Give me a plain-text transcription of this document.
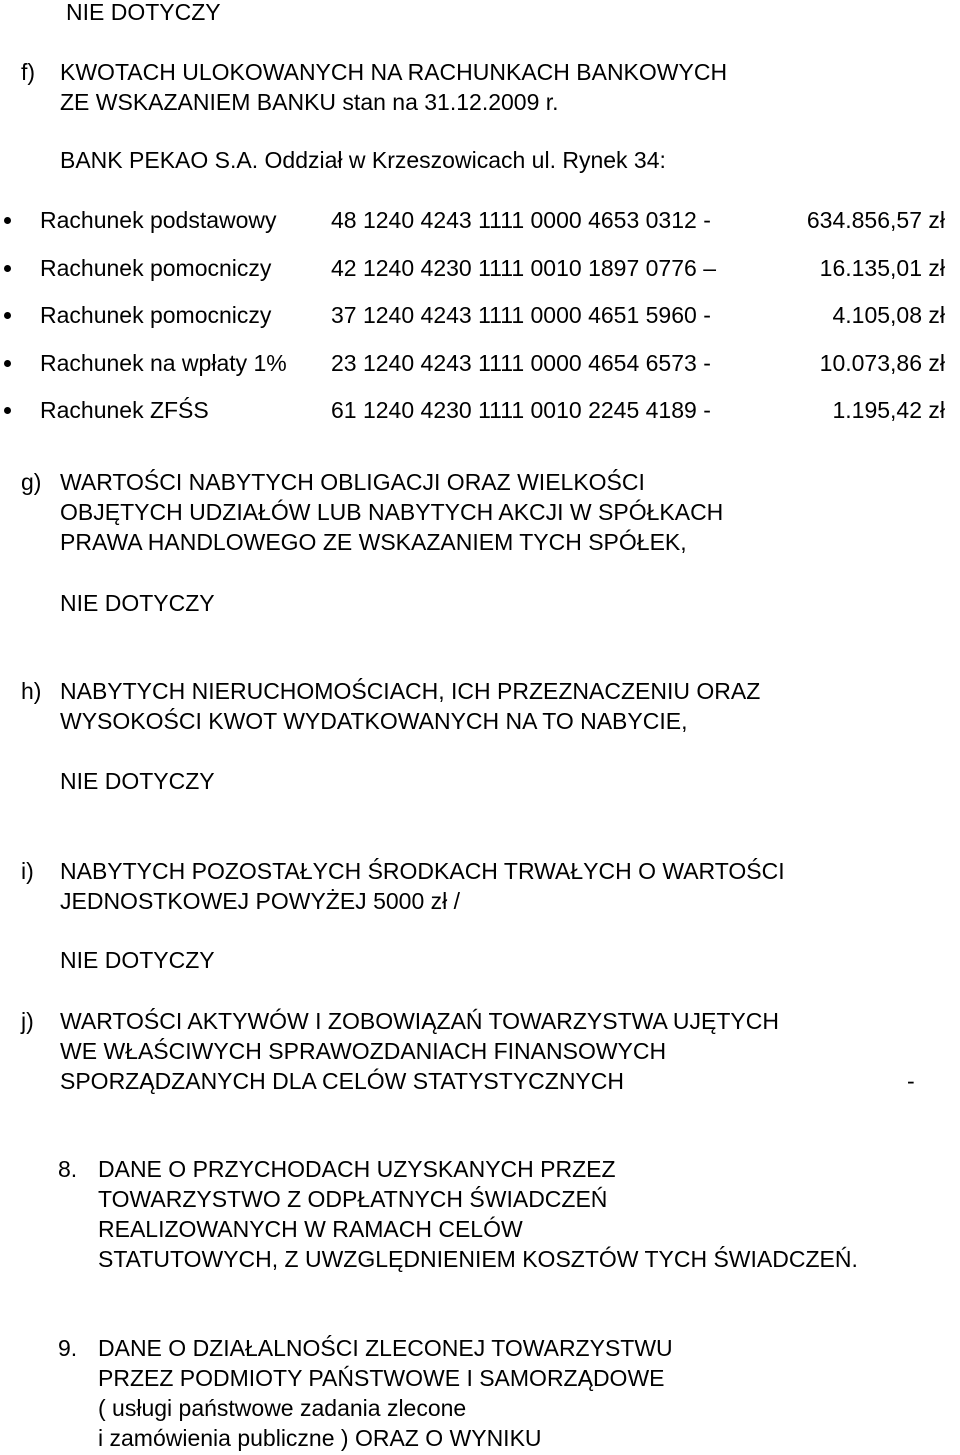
NIE DOTYCZY
f) KWOTACH ULOKOWANYCH NA RACHUNKACH BANKOWYCH
ZE WSKAZANIEM BANKU stan na 31.12.2009 r.
BANK PEKAO S.A. Oddział w Krzeszowicach ul. Rynek 34:
Rachunek podstawowy 48 1240 4243 1111 0000 4653 0312 -	634.856,57 zł
Rachunek pomocniczy	42 1240 4230 1111 0010 1897 0776 –	16.135,01 zł
Rachunek pomocniczy	37 1240 4243 1111 0000 4651 5960 -	4.105,08 zł
Rachunek na wpłaty 1% 23 1240 4243 1111 0000 4654 6573 -	10.073,86 zł
Rachunek ZFŚS	61 1240 4230 1111 0010 2245 4189 -	1.195,42 zł
g) WARTOŚCI NABYTYCH OBLIGACJI ORAZ WIELKOŚCI
OBJĘTYCH UDZIAŁÓW LUB NABYTYCH AKCJI W SPÓŁKACH
PRAWA HANDLOWEGO ZE WSKAZANIEM TYCH SPÓŁEK,
NIE DOTYCZY
h) NABYTYCH NIERUCHOMOŚCIACH, ICH PRZEZNACZENIU ORAZ
WYSOKOŚCI KWOT WYDATKOWANYCH NA TO NABYCIE,
NIE DOTYCZY
i) NABYTYCH POZOSTAŁYCH ŚRODKACH TRWAŁYCH O WARTOŚCI
JEDNOSTKOWEJ POWYŻEJ 5000 zł /
NIE DOTYCZY
j) WARTOŚCI AKTYWÓW I ZOBOWIĄZAŃ TOWARZYSTWA UJĘTYCH
WE WŁAŚCIWYCH SPRAWOZDANIACH FINANSOWYCH
SPORZĄDZANYCH DLA CELÓW STATYSTYCZNYCH	-
8. DANE O PRZYCHODACH UZYSKANYCH PRZEZ
TOWARZYSTWO Z ODPŁATNYCH ŚWIADCZEŃ
REALIZOWANYCH W RAMACH CELÓW
STATUTOWYCH, Z UWZGLĘDNIENIEM KOSZTÓW TYCH ŚWIADCZEŃ.
9. DANE O DZIAŁALNOŚCI ZLECONEJ TOWARZYSTWU
PRZEZ PODMIOTY PAŃSTWOWE I SAMORZĄDOWE
( usługi państwowe zadania zlecone
i zamówienia publiczne ) ORAZ O WYNIKU
